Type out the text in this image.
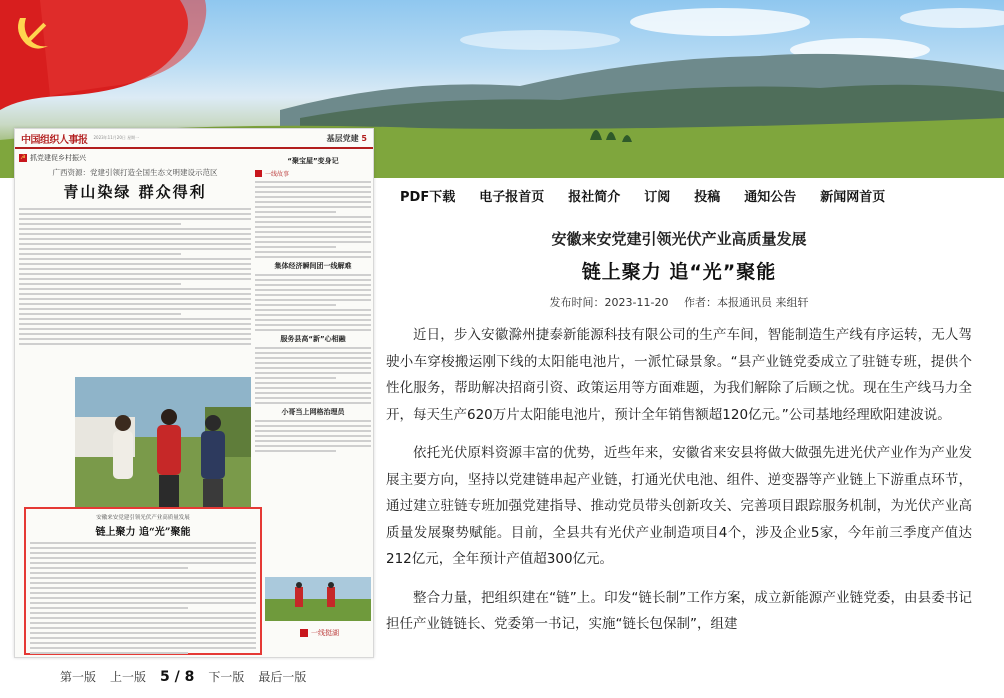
中国组织人事报 2023年11月20日 星期一	基层党建 5
☭ 抓党建促乡村振兴
广西资源：党建引领打造全国生态文明建设示范区
青山染绿 群众得利
“聚宝屋”变身记
一线故事
集体经济瞬间团一线解难
服务县高“新”心相融
小哥当上网格治理员
安徽来安党建引领光伏产业高质量发展
链上聚力 追“光”聚能
一线挺湖
第一版 上一版 5 / 8 下一版 最后一版
PDF下载 电子报首页 报社简介 订阅 投稿 通知公告 新闻网首页
安徽来安党建引领光伏产业高质量发展
链上聚力 追“光”聚能
发布时间：2023-11-20 作者：本报通讯员 来组轩

近日，步入安徽滁州捷泰新能源科技有限公司的生产车间，智能制造生产线有序运转，无人驾驶小车穿梭搬运刚下线的太阳能电池片，一派忙碌景象。“县产业链党委成立了驻链专班，提供个性化服务，帮助解决招商引资、政策运用等方面难题，为我们解除了后顾之忧。现在生产线马力全开，每天生产620万片太阳能电池片，预计全年销售额超120亿元。”公司基地经理欧阳建波说。

依托光伏原料资源丰富的优势，近些年来，安徽省来安县将做大做强先进光伏产业作为产业发展主要方向，坚持以党建链串起产业链，打通光伏电池、组件、逆变器等产业链上下游重点环节，通过建立驻链专班加强党建指导、推动党员带头创新攻关、完善项目跟踪服务机制，为光伏产业高质量发展聚势赋能。目前，全县共有光伏产业制造项目4个，涉及企业5家，今年前三季度产值达212亿元，全年预计产值超300亿元。

整合力量，把组织建在“链”上。印发“链长制”工作方案，成立新能源产业链党委，由县委书记担任产业链链长、党委第一书记，实施“链长包保制”，组建
